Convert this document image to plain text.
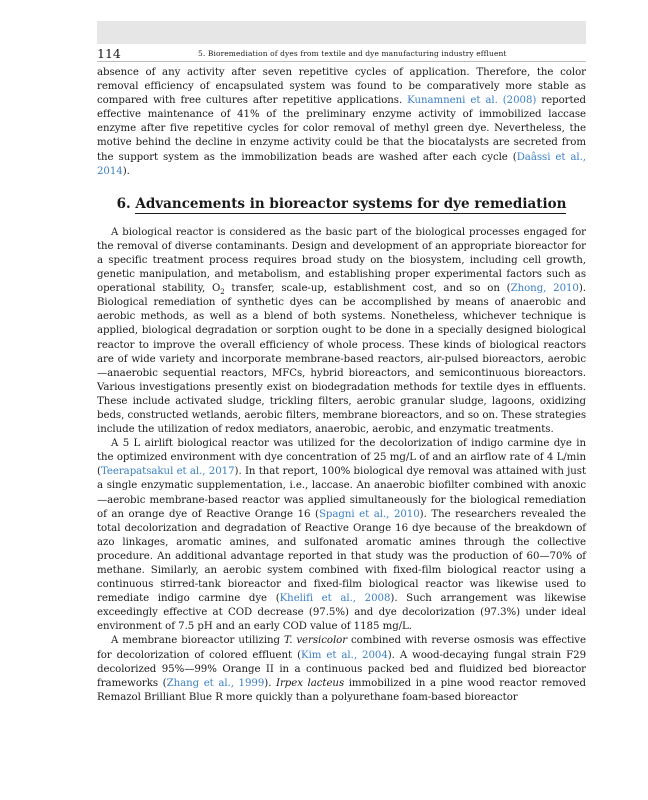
114	5. Bioremediation of dyes from textile and dye manufacturing industry effluent

absence of any activity after seven repetitive cycles of application. Therefore, the color removal efficiency of encapsulated system was found to be comparatively more stable as compared with free cultures after repetitive applications. Kunamneni et al. (2008) reported effective maintenance of 41% of the preliminary enzyme activity of immobilized laccase enzyme after five repetitive cycles for color removal of methyl green dye. Nevertheless, the motive behind the decline in enzyme activity could be that the biocatalysts are secreted from the support system as the immobilization beads are washed after each cycle (Daâssi et al., 2014).

6. Advancements in bioreactor systems for dye remediation

A biological reactor is considered as the basic part of the biological processes engaged for the removal of diverse contaminants. Design and development of an appropriate bioreactor for a specific treatment process requires broad study on the biosystem, including cell growth, genetic manipulation, and metabolism, and establishing proper experimental factors such as operational stability, $O_2$ transfer, scale-up, establishment cost, and so on (Zhong, 2010). Biological remediation of synthetic dyes can be accomplished by means of anaerobic and aerobic methods, as well as a blend of both systems. Nonetheless, whichever technique is applied, biological degradation or sorption ought to be done in a specially designed biological reactor to improve the overall efficiency of whole process. These kinds of biological reactors are of wide variety and incorporate membrane-based reactors, air-pulsed bioreactors, aerobic—anaerobic sequential reactors, MFCs, hybrid bioreactors, and semicontinuous bioreactors. Various investigations presently exist on biodegradation methods for textile dyes in effluents. These include activated sludge, trickling filters, aerobic granular sludge, lagoons, oxidizing beds, constructed wetlands, aerobic filters, membrane bioreactors, and so on. These strategies include the utilization of redox mediators, anaerobic, aerobic, and enzymatic treatments.

A 5 L airlift biological reactor was utilized for the decolorization of indigo carmine dye in the optimized environment with dye concentration of 25 mg/L of and an airflow rate of 4 L/min (Teerapatsakul et al., 2017). In that report, 100% biological dye removal was attained with just a single enzymatic supplementation, i.e., laccase. An anaerobic biofilter combined with anoxic—aerobic membrane-based reactor was applied simultaneously for the biological remediation of an orange dye of Reactive Orange 16 (Spagni et al., 2010). The researchers revealed the total decolorization and degradation of Reactive Orange 16 dye because of the breakdown of azo linkages, aromatic amines, and sulfonated aromatic amines through the collective procedure. An additional advantage reported in that study was the production of 60—70% of methane. Similarly, an aerobic system combined with fixed-film biological reactor using a continuous stirred-tank bioreactor and fixed-film biological reactor was likewise used to remediate indigo carmine dye (Khelifi et al., 2008). Such arrangement was likewise exceedingly effective at COD decrease (97.5%) and dye decolorization (97.3%) under ideal environment of 7.5 pH and an early COD value of 1185 mg/L.

A membrane bioreactor utilizing T. versicolor combined with reverse osmosis was effective for decolorization of colored effluent (Kim et al., 2004). A wood-decaying fungal strain F29 decolorized 95%—99% Orange II in a continuous packed bed and fluidized bed bioreactor frameworks (Zhang et al., 1999). Irpex lacteus immobilized in a pine wood reactor removed Remazol Brilliant Blue R more quickly than a polyurethane foam-based bioreactor
